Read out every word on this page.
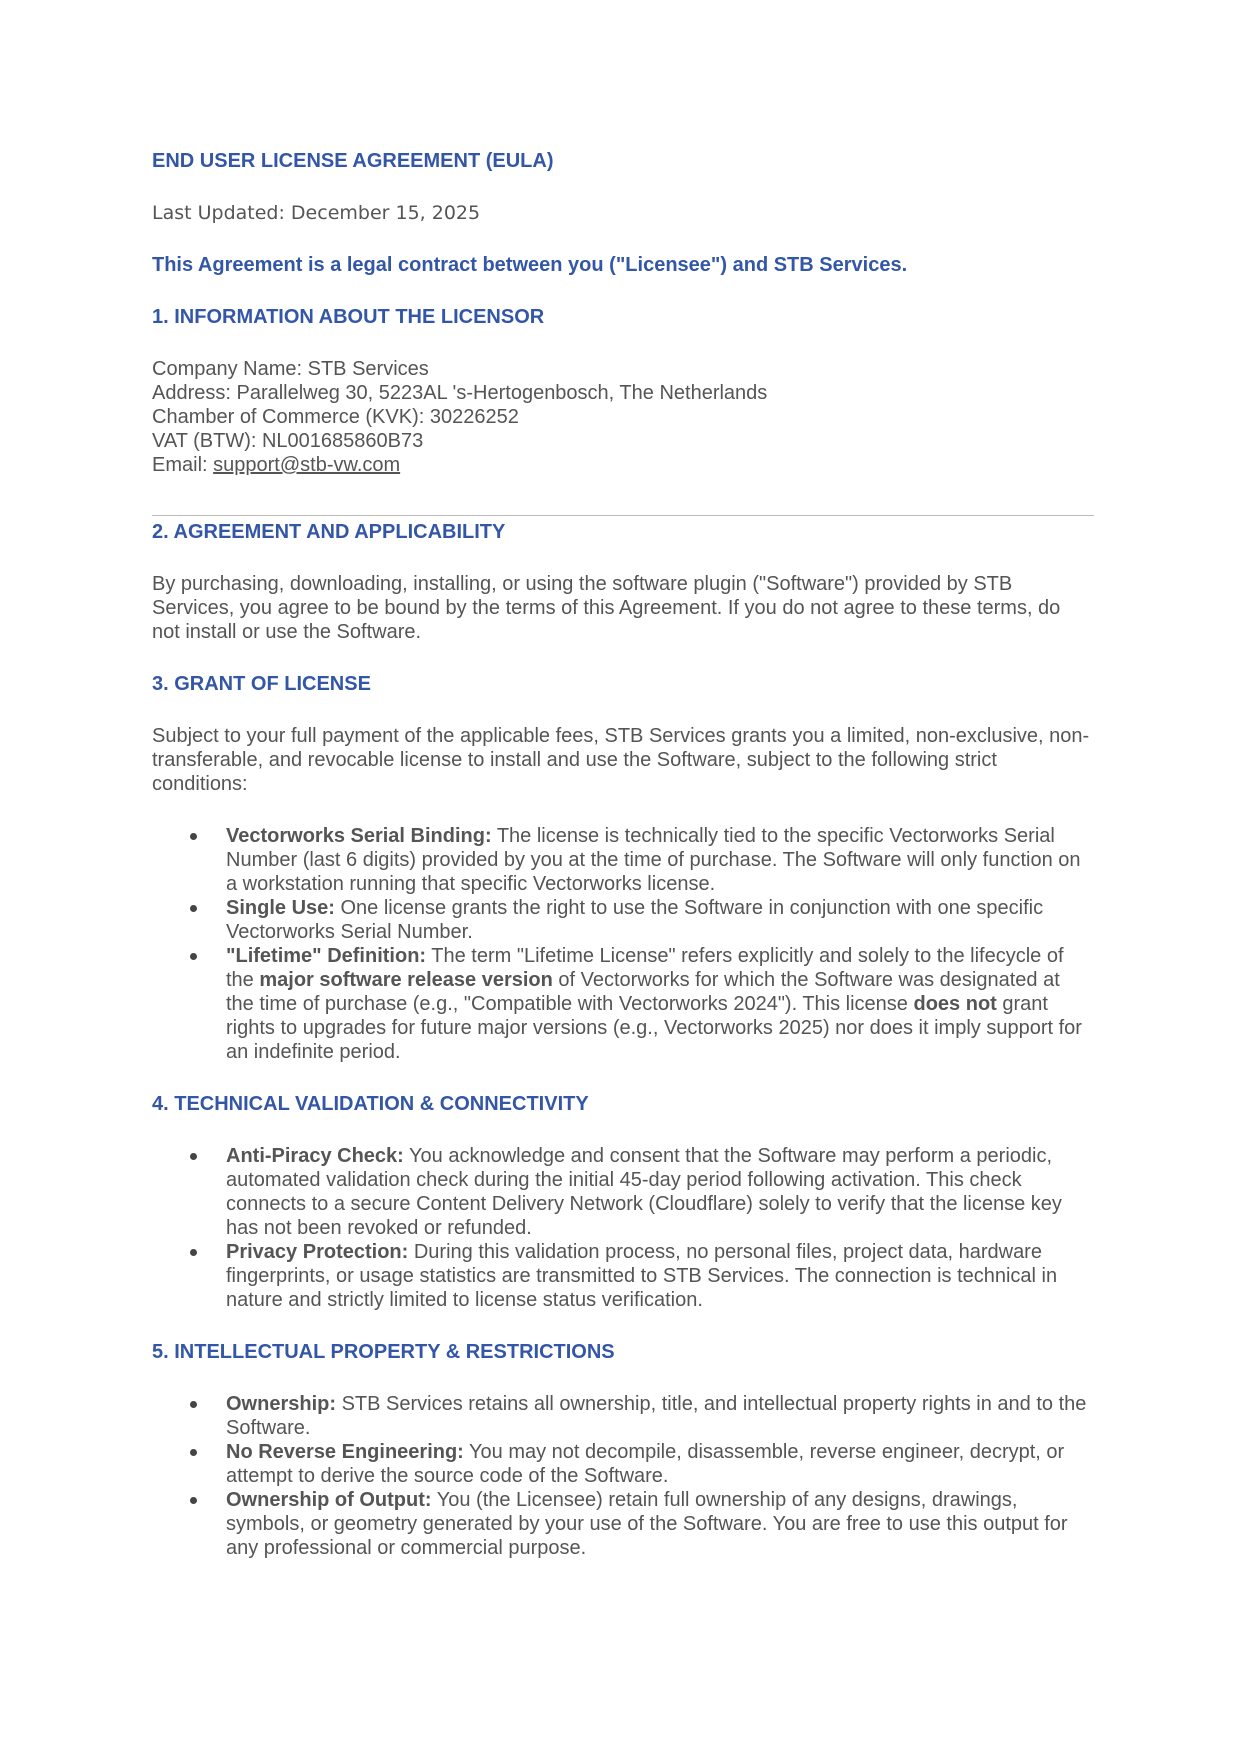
END USER LICENSE AGREEMENT (EULA)

Last Updated: December 15, 2025

This Agreement is a legal contract between you ("Licensee") and STB Services.

1. INFORMATION ABOUT THE LICENSOR

Company Name: STB Services

Address: Parallelweg 30, 5223AL 's-Hertogenbosch, The Netherlands

Chamber of Commerce (KVK): 30226252

VAT (BTW): NL001685860B73

Email: support@stb-vw.com

2. AGREEMENT AND APPLICABILITY

By purchasing, downloading, installing, or using the software plugin ("Software") provided by STB Services, you agree to be bound by the terms of this Agreement. If you do not agree to these terms, do not install or use the Software.

3. GRANT OF LICENSE

Subject to your full payment of the applicable fees, STB Services grants you a limited, non-exclusive, non-transferable, and revocable license to install and use the Software, subject to the following strict conditions:

Vectorworks Serial Binding: The license is technically tied to the specific Vectorworks Serial Number (last 6 digits) provided by you at the time of purchase. The Software will only function on a workstation running that specific Vectorworks license.
Single Use: One license grants the right to use the Software in conjunction with one specific Vectorworks Serial Number.
"Lifetime" Definition: The term "Lifetime License" refers explicitly and solely to the lifecycle of the major software release version of Vectorworks for which the Software was designated at the time of purchase (e.g., "Compatible with Vectorworks 2024"). This license does not grant rights to upgrades for future major versions (e.g., Vectorworks 2025) nor does it imply support for an indefinite period.

4. TECHNICAL VALIDATION & CONNECTIVITY

Anti-Piracy Check: You acknowledge and consent that the Software may perform a periodic, automated validation check during the initial 45-day period following activation. This check connects to a secure Content Delivery Network (Cloudflare) solely to verify that the license key has not been revoked or refunded.
Privacy Protection: During this validation process, no personal files, project data, hardware fingerprints, or usage statistics are transmitted to STB Services. The connection is technical in nature and strictly limited to license status verification.

5. INTELLECTUAL PROPERTY & RESTRICTIONS

Ownership: STB Services retains all ownership, title, and intellectual property rights in and to the Software.
No Reverse Engineering: You may not decompile, disassemble, reverse engineer, decrypt, or attempt to derive the source code of the Software.
Ownership of Output: You (the Licensee) retain full ownership of any designs, drawings, symbols, or geometry generated by your use of the Software. You are free to use this output for any professional or commercial purpose.
